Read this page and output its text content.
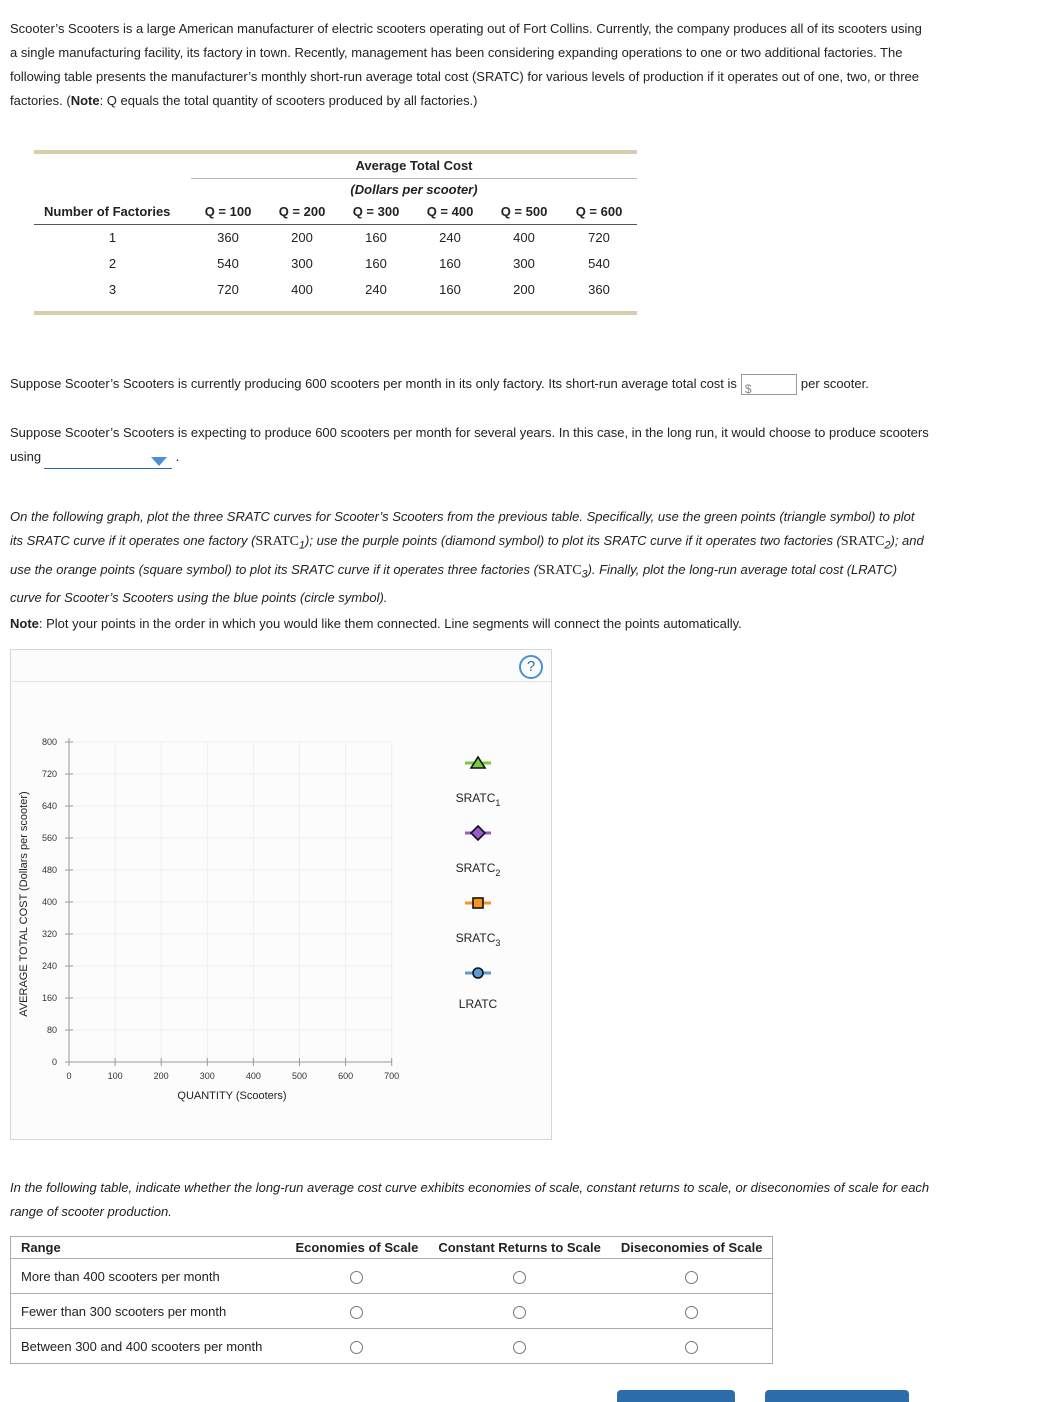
Scooter’s Scooters is a large American manufacturer of electric scooters operating out of Fort Collins. Currently, the company produces all of its scooters using a single manufacturing facility, its factory in town. Recently, management has been considering expanding operations to one or two additional factories. The following table presents the manufacturer’s monthly short-run average total cost (SRATC) for various levels of production if it operates out of one, two, or three factories. (Note: Q equals the total quantity of scooters produced by all factories.)

	Average Total Cost					
	(Dollars per scooter)					
Number of Factories	Q = 100	Q = 200	Q = 300	Q = 400	Q = 500	Q = 600
1	360	200	160	240	400	720
2	540	300	160	160	300	540
3	720	400	240	160	200	360

Suppose Scooter’s Scooters is currently producing 600 scooters per month in its only factory. Its short-run average total cost is $	per scooter.

Suppose Scooter’s Scooters is expecting to produce 600 scooters per month for several years. In this case, in the long run, it would choose to produce scooters using	.

On the following graph, plot the three SRATC curves for Scooter’s Scooters from the previous table. Specifically, use the green points (triangle symbol) to plot its SRATC curve if it operates one factory $(SRATC_1)$; use the purple points (diamond symbol) to plot its SRATC curve if it operates two factories $(SRATC_2)$; and use the orange points (square symbol) to plot its SRATC curve if it operates three factories $(SRATC_3)$. Finally, plot the long-run average total cost (LRATC) curve for Scooter’s Scooters using the blue points (circle symbol).

Note: Plot your points in the order in which you would like them connected. Line segments will connect the points automatically.

?
0
80
160
240
320
400
480
560
640
720
800
0	100	200	300	400	500	600	700
AVERAGE TOTAL COST (Dollars per scooter)
QUANTITY (Scooters)
$SRATC_1$
$SRATC_2$
$SRATC_3$
LRATC

In the following table, indicate whether the long-run average cost curve exhibits economies of scale, constant returns to scale, or diseconomies of scale for each range of scooter production.

Range	Economies of Scale	Constant Returns to Scale	Diseconomies of Scale
More than 400 scooters per month			
Fewer than 300 scooters per month			
Between 300 and 400 scooters per month			
